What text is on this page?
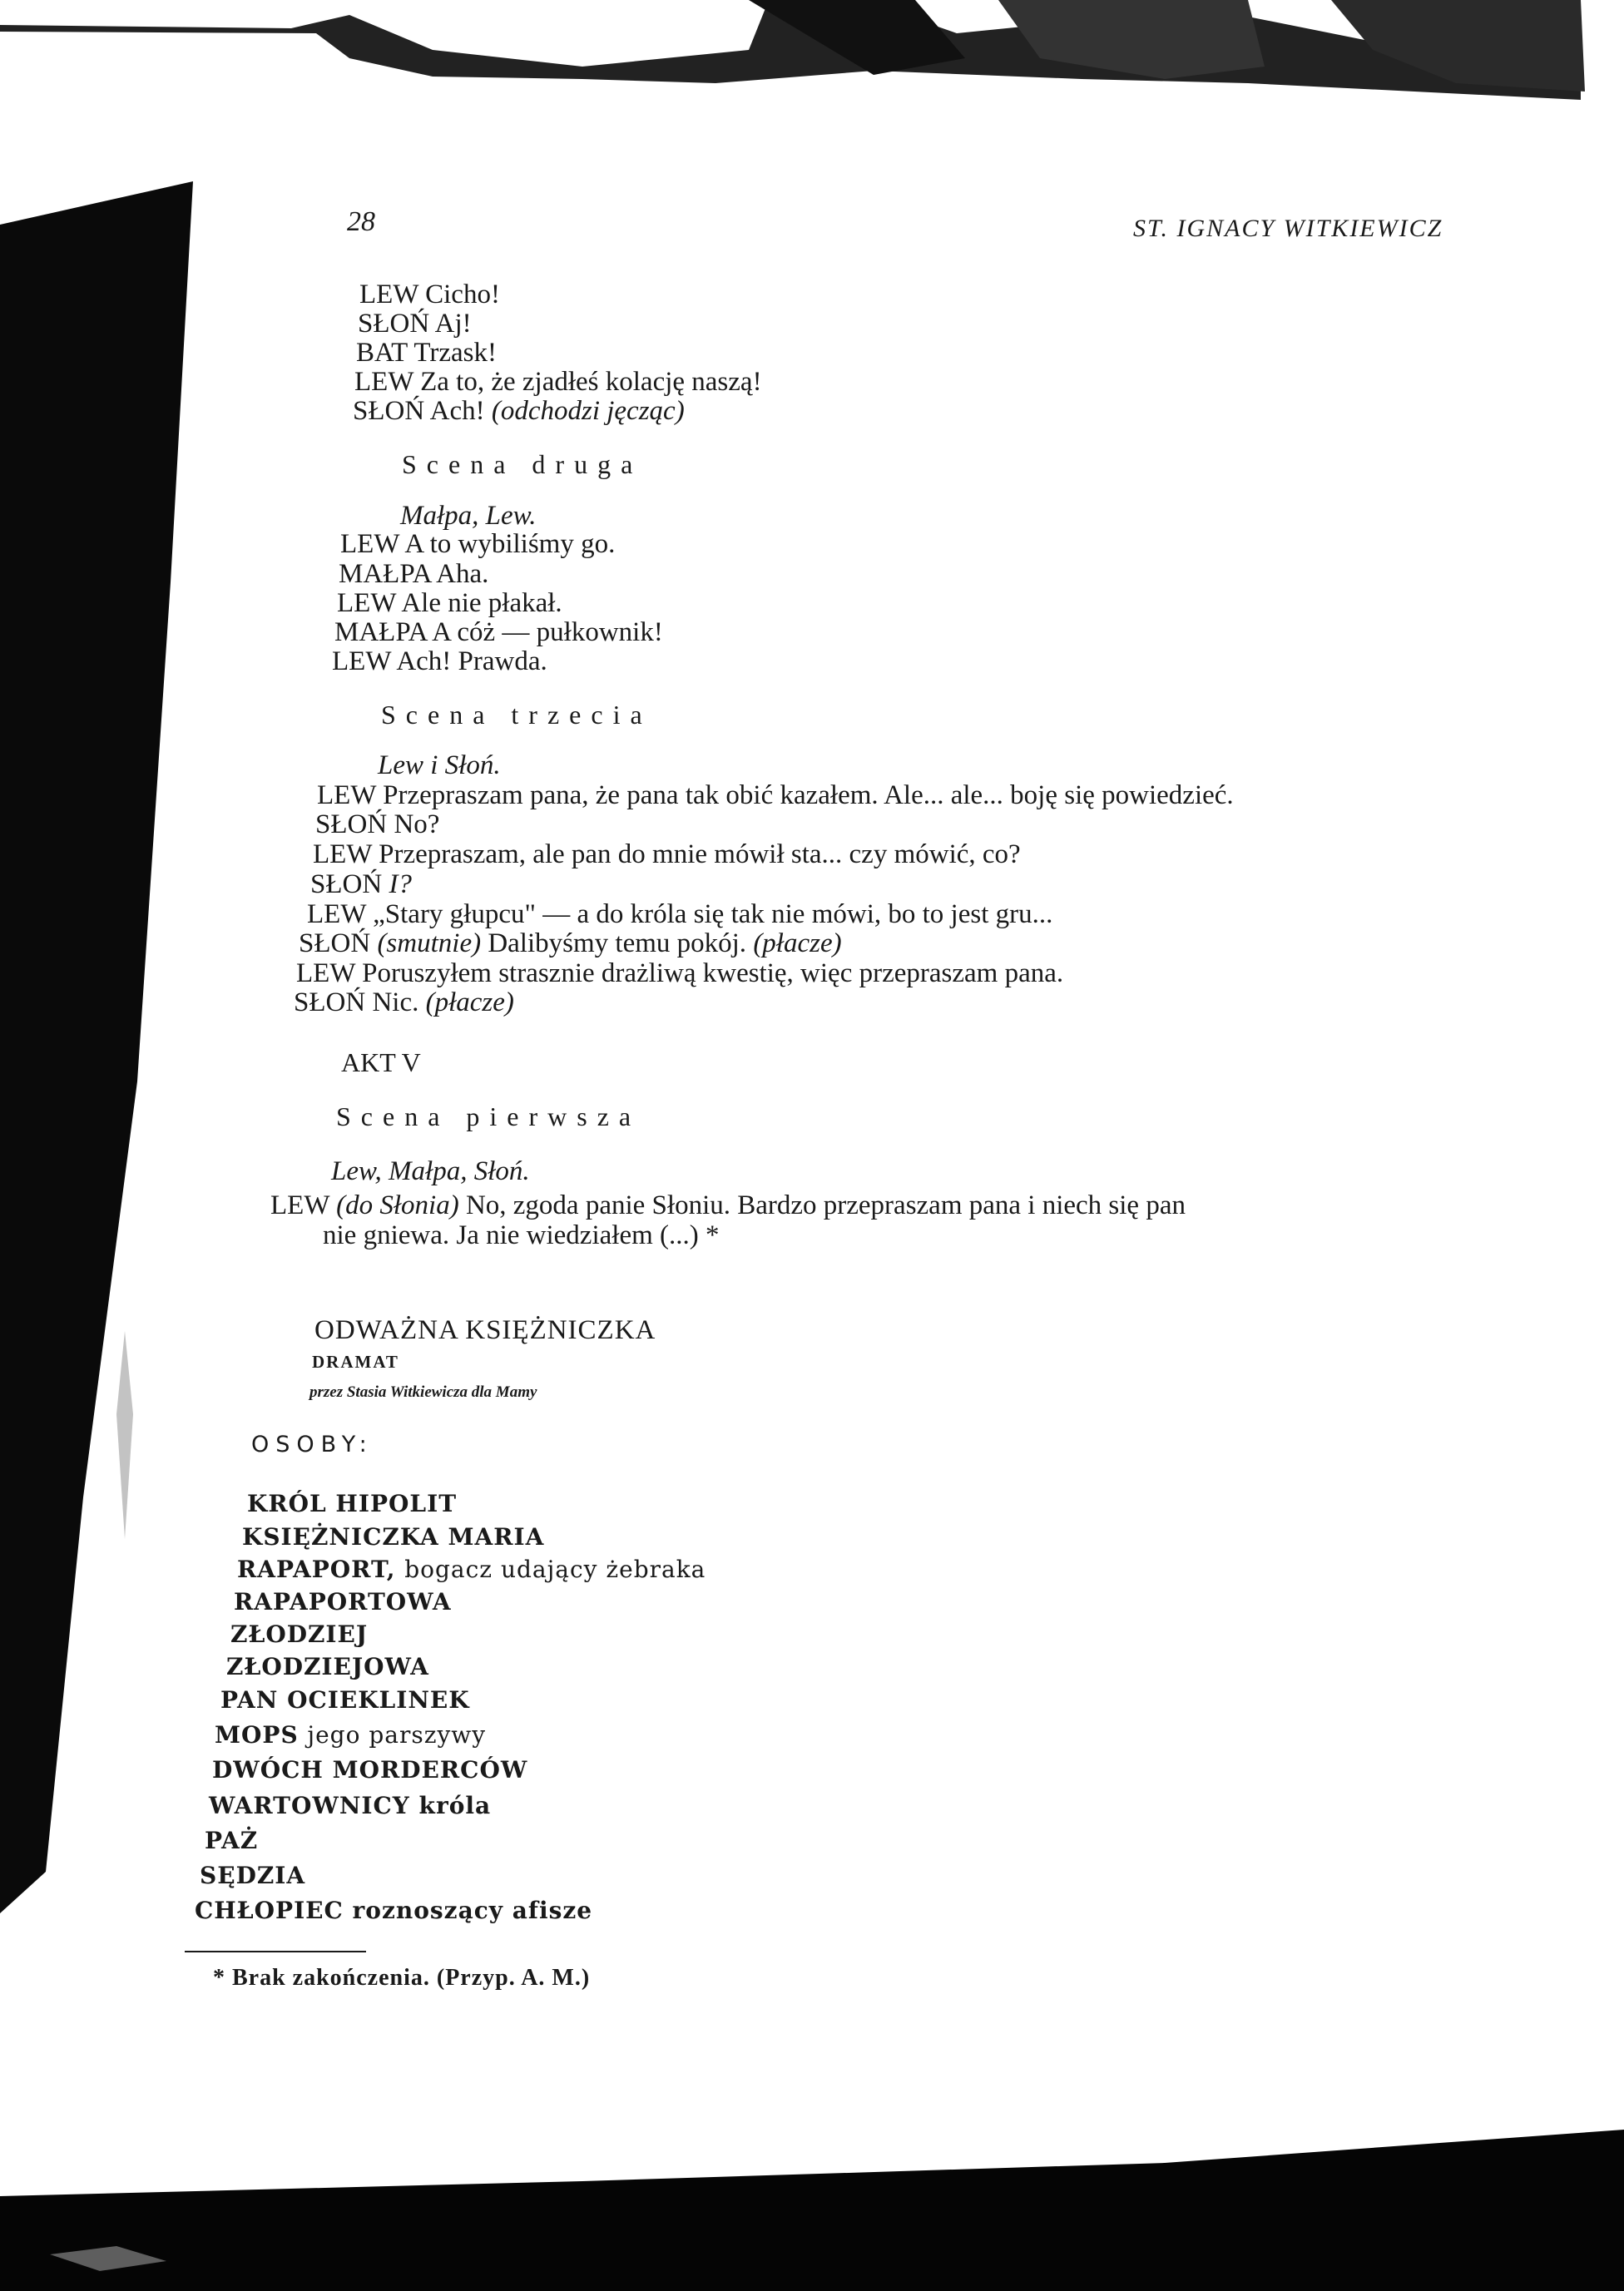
28	ST. IGNACY WITKIEWICZ
LEW Cicho!
SŁOŃ Aj!
BAT Trzask!
LEW Za to, że zjadłeś kolację naszą!
SŁOŃ Ach! (odchodzi jęcząc)
Scena druga
Małpa, Lew.
LEW A to wybiliśmy go.
MAŁPA Aha.
LEW Ale nie płakał.
MAŁPA A cóż — pułkownik!
LEW Ach! Prawda.
Scena trzecia
Lew i Słoń.
LEW Przepraszam pana, że pana tak obić kazałem. Ale... ale... boję się powiedzieć.
SŁOŃ No?
LEW Przepraszam, ale pan do mnie mówił sta... czy mówić, co?
SŁOŃ I?
LEW „Stary głupcu" — a do króla się tak nie mówi, bo to jest gru...
SŁOŃ (smutnie) Dalibyśmy temu pokój. (płacze)
LEW Poruszyłem strasznie drażliwą kwestię, więc przepraszam pana.
SŁOŃ Nic. (płacze)
AKT V
Scena pierwsza
Lew, Małpa, Słoń.
LEW (do Słonia) No, zgoda panie Słoniu. Bardzo przepraszam pana i niech się pan
nie gniewa. Ja nie wiedziałem (...) *
ODWAŻNA KSIĘŻNICZKA
DRAMAT
przez Stasia Witkiewicza dla Mamy
OSOBY:
KRÓL HIPOLIT
KSIĘŻNICZKA MARIA
RAPAPORT, bogacz udający żebraka
RAPAPORTOWA
ZŁODZIEJ
ZŁODZIEJOWA
PAN OCIEKLINEK
MOPS jego parszywy
DWÓCH MORDERCÓW
WARTOWNICY króla
PAŻ
SĘDZIA
CHŁOPIEC roznoszący afisze
* Brak zakończenia. (Przyp. A. M.)
